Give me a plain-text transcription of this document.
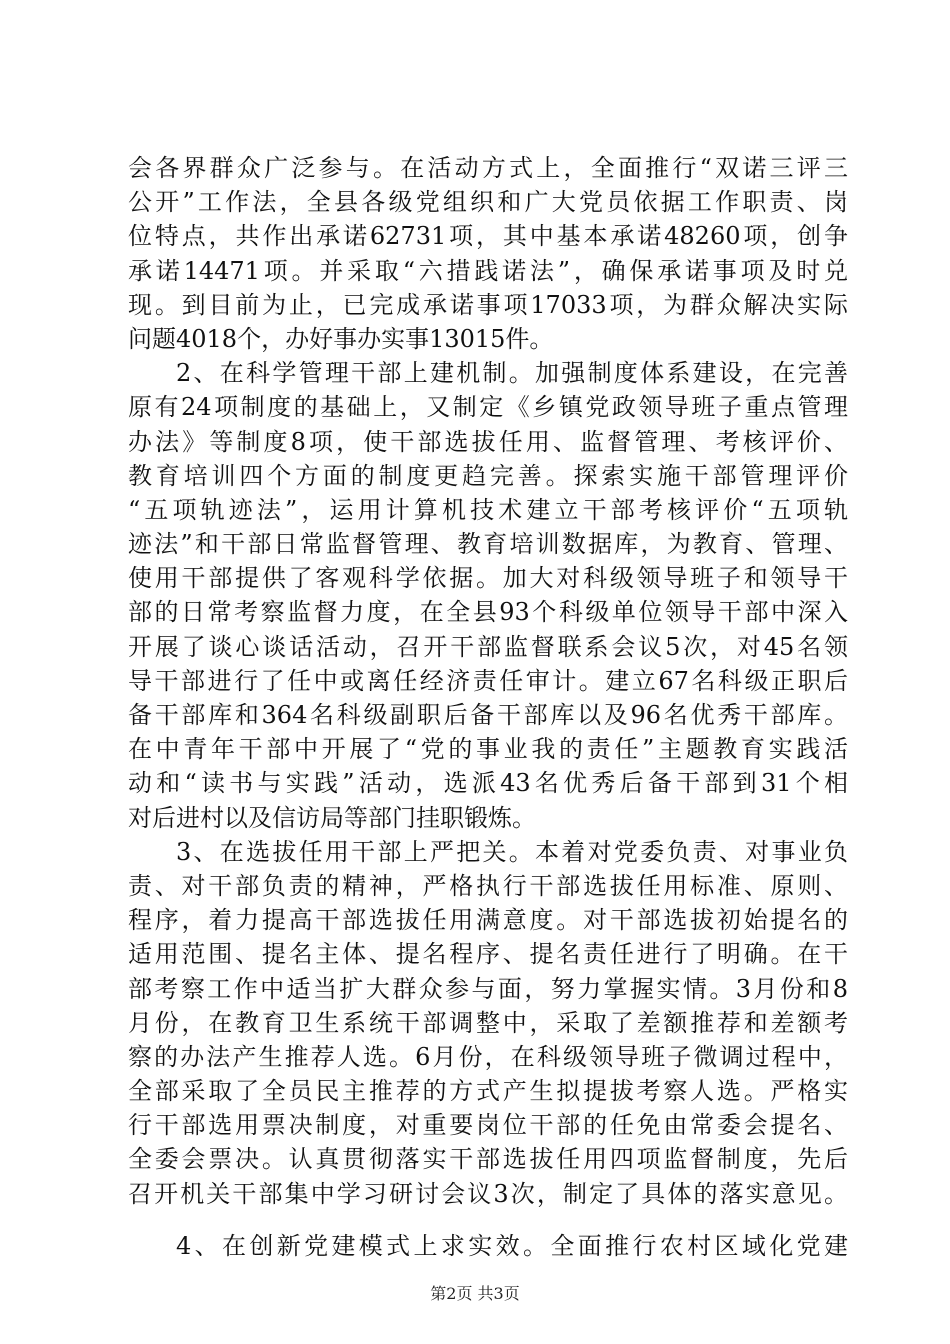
会各界群众广泛参与。在活动方式上，全面推行“双诺三评三
公开”工作法，全县各级党组织和广大党员依据工作职责、岗
位特点，共作出承诺62731项，其中基本承诺48260项，创争
承诺14471项。并采取“六措践诺法”，确保承诺事项及时兑
现。到目前为止，已完成承诺事项17033项，为群众解决实际
问题4018个，办好事办实事13015件。
2、在科学管理干部上建机制。加强制度体系建设，在完善
原有24项制度的基础上，又制定《乡镇党政领导班子重点管理
办法》等制度8项，使干部选拔任用、监督管理、考核评价、
教育培训四个方面的制度更趋完善。探索实施干部管理评价
“五项轨迹法”，运用计算机技术建立干部考核评价“五项轨
迹法”和干部日常监督管理、教育培训数据库，为教育、管理、
使用干部提供了客观科学依据。加大对科级领导班子和领导干
部的日常考察监督力度，在全县93个科级单位领导干部中深入
开展了谈心谈话活动，召开干部监督联系会议5次，对45名领
导干部进行了任中或离任经济责任审计。建立67名科级正职后
备干部库和364名科级副职后备干部库以及96名优秀干部库。
在中青年干部中开展了“党的事业我的责任”主题教育实践活
动和“读书与实践”活动，选派43名优秀后备干部到31个相
对后进村以及信访局等部门挂职锻炼。
3、在选拔任用干部上严把关。本着对党委负责、对事业负
责、对干部负责的精神，严格执行干部选拔任用标准、原则、
程序，着力提高干部选拔任用满意度。对干部选拔初始提名的
适用范围、提名主体、提名程序、提名责任进行了明确。在干
部考察工作中适当扩大群众参与面，努力掌握实情。3月份和8
月份，在教育卫生系统干部调整中，采取了差额推荐和差额考
察的办法产生推荐人选。6月份，在科级领导班子微调过程中，
全部采取了全员民主推荐的方式产生拟提拔考察人选。严格实
行干部选用票决制度，对重要岗位干部的任免由常委会提名、
全委会票决。认真贯彻落实干部选拔任用四项监督制度，先后
召开机关干部集中学习研讨会议3次，制定了具体的落实意见。
4、在创新党建模式上求实效。全面推行农村区域化党建
第2页 共3页
